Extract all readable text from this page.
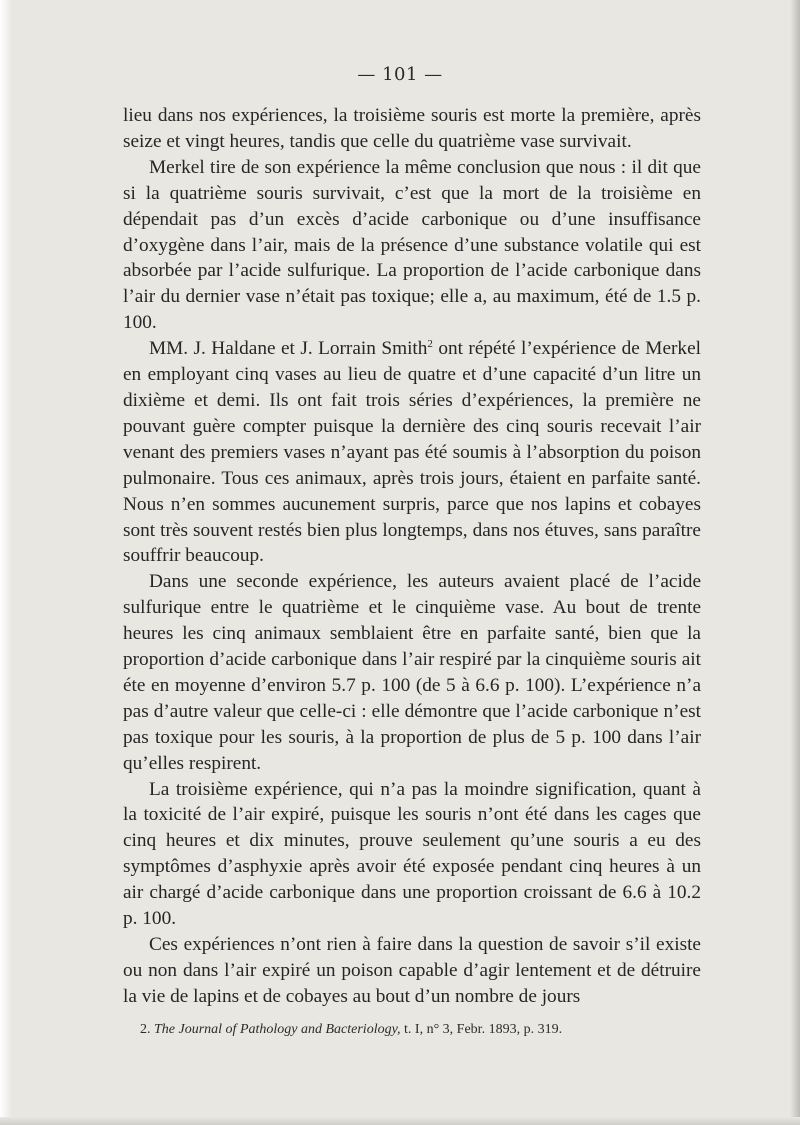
— 101 —

lieu dans nos expériences, la troisième souris est morte la première, après seize et vingt heures, tandis que celle du quatrième vase survivait.

Merkel tire de son expérience la même conclusion que nous : il dit que si la quatrième souris survivait, c’est que la mort de la troisième en dépendait pas d’un excès d’acide carbonique ou d’une insuffisance d’oxygène dans l’air, mais de la présence d’une substance volatile qui est absorbée par l’acide sulfurique. La proportion de l’acide carbonique dans l’air du dernier vase n’était pas toxique; elle a, au maximum, été de 1.5 p. 100.

MM. J. Haldane et J. Lorrain Smith$^2$ ont répété l’expérience de Merkel en employant cinq vases au lieu de quatre et d’une capacité d’un litre un dixième et demi. Ils ont fait trois séries d’expériences, la première ne pouvant guère compter puisque la dernière des cinq souris recevait l’air venant des premiers vases n’ayant pas été soumis à l’absorption du poison pulmonaire. Tous ces animaux, après trois jours, étaient en parfaite santé. Nous n’en sommes aucunement surpris, parce que nos lapins et cobayes sont très souvent restés bien plus longtemps, dans nos étuves, sans paraître souffrir beaucoup.

Dans une seconde expérience, les auteurs avaient placé de l’acide sulfurique entre le quatrième et le cinquième vase. Au bout de trente heures les cinq animaux semblaient être en parfaite santé, bien que la proportion d’acide carbonique dans l’air respiré par la cinquième souris ait éte en moyenne d’environ 5.7 p. 100 (de 5 à 6.6 p. 100). L’expérience n’a pas d’autre valeur que celle-ci : elle démontre que l’acide carbonique n’est pas toxique pour les souris, à la proportion de plus de 5 p. 100 dans l’air qu’elles respirent.

La troisième expérience, qui n’a pas la moindre signification, quant à la toxicité de l’air expiré, puisque les souris n’ont été dans les cages que cinq heures et dix minutes, prouve seulement qu’une souris a eu des symptômes d’asphyxie après avoir été exposée pendant cinq heures à un air chargé d’acide carbonique dans une proportion croissant de 6.6 à 10.2 p. 100.

Ces expériences n’ont rien à faire dans la question de savoir s’il existe ou non dans l’air expiré un poison capable d’agir lentement et de détruire la vie de lapins et de cobayes au bout d’un nombre de jours

2. The Journal of Pathology and Bacteriology, t. I, n° 3, Febr. 1893, p. 319.
